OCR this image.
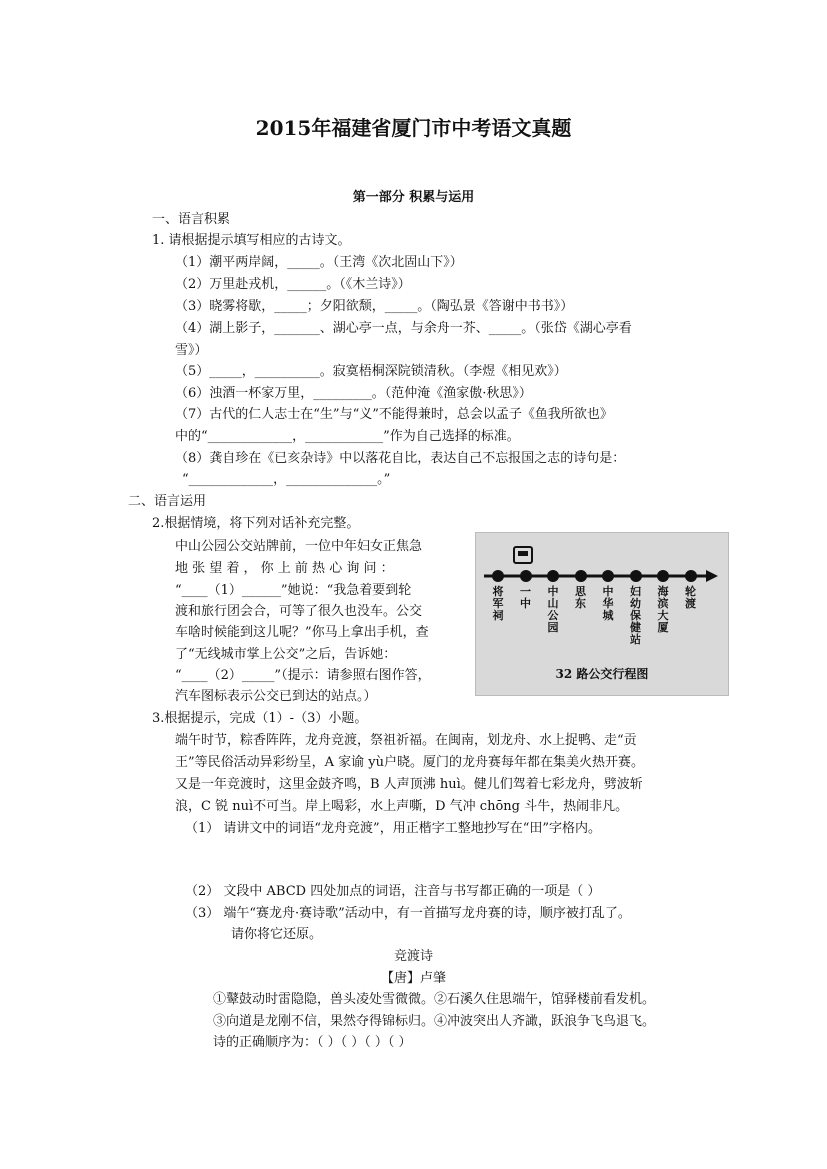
2015年福建省厦门市中考语文真题
第一部分 积累与运用
一、语言积累
1. 请根据提示填写相应的古诗文。
（1）潮平两岸阔，_____。（王湾《次北固山下》）
（2）万里赴戎机，______。（《木兰诗》）
（3）晓雾将歇，_____；夕阳欲颓，_____。（陶弘景《答谢中书书》）
（4）湖上影子，_______、湖心亭一点，与余舟一芥、_____。（张岱《湖心亭看
雪》）
（5）_____，__________。寂寞梧桐深院锁清秋。（李煜《相见欢》）
（6）浊酒一杯家万里，_________。（范仲淹《渔家傲·秋思》）
（7）古代的仁人志士在“生”与“义”不能得兼时，总会以孟子《鱼我所欲也》
中的“_____________，____________”作为自己选择的标准。
（8）龚自珍在《已亥杂诗》中以落花自比，表达自己不忘报国之志的诗句是：
“_____________，______________。”
二、语言运用
2.根据情境，将下列对话补充完整。
中山公园公交站牌前，一位中年妇女正焦急
地 张 望 着 ， 你 上 前 热 心 询 问 ：
“____（1）______”她说：“我急着要到轮
渡和旅行团会合，可等了很久也没车。公交
车啥时候能到这儿呢？”你马上拿出手机，查
了“无线城市掌上公交”之后，告诉她：
“____（2）_____”（提示：请参照右图作答，
汽车图标表示公交已到达的站点。）
将军祠
一中
中山公园
思东
中华城
妇幼保健站
海滨大厦
轮渡
32 路公交行程图
3.根据提示，完成（1）-（3）小题。
端午时节，粽香阵阵，龙舟竞渡，祭祖祈福。在闽南，划龙舟、水上捉鸭、走“贡
王”等民俗活动异彩纷呈，A 家谕 yù户晓。厦门的龙舟赛每年都在集美火热开赛。
又是一年竞渡时，这里金鼓齐鸣，B 人声顶沸 huì。健儿们驾着七彩龙舟，劈波斩
浪，C 锐 nuì不可当。岸上喝彩，水上声嘶，D 气冲 chōng 斗牛，热闹非凡。
（1） 请讲文中的词语“龙舟竞渡”，用正楷字工整地抄写在“田”字格内。
（2） 文段中 ABCD 四处加点的词语，注音与书写都正确的一项是（ ）
（3） 端午“赛龙舟·赛诗歌”活动中，有一首描写龙舟赛的诗，顺序被打乱了。
请你将它还原。
竞渡诗
【唐】卢肇
①鼙鼓动时雷隐隐，兽头凌处雪微微。②石溪久住思端午，馆驿楼前看发机。
③向道是龙刚不信，果然夺得锦标归。④冲波突出人齐譀，跃浪争飞鸟退飞。
诗的正确顺序为：（ ）（ ）（ ）（ ）
